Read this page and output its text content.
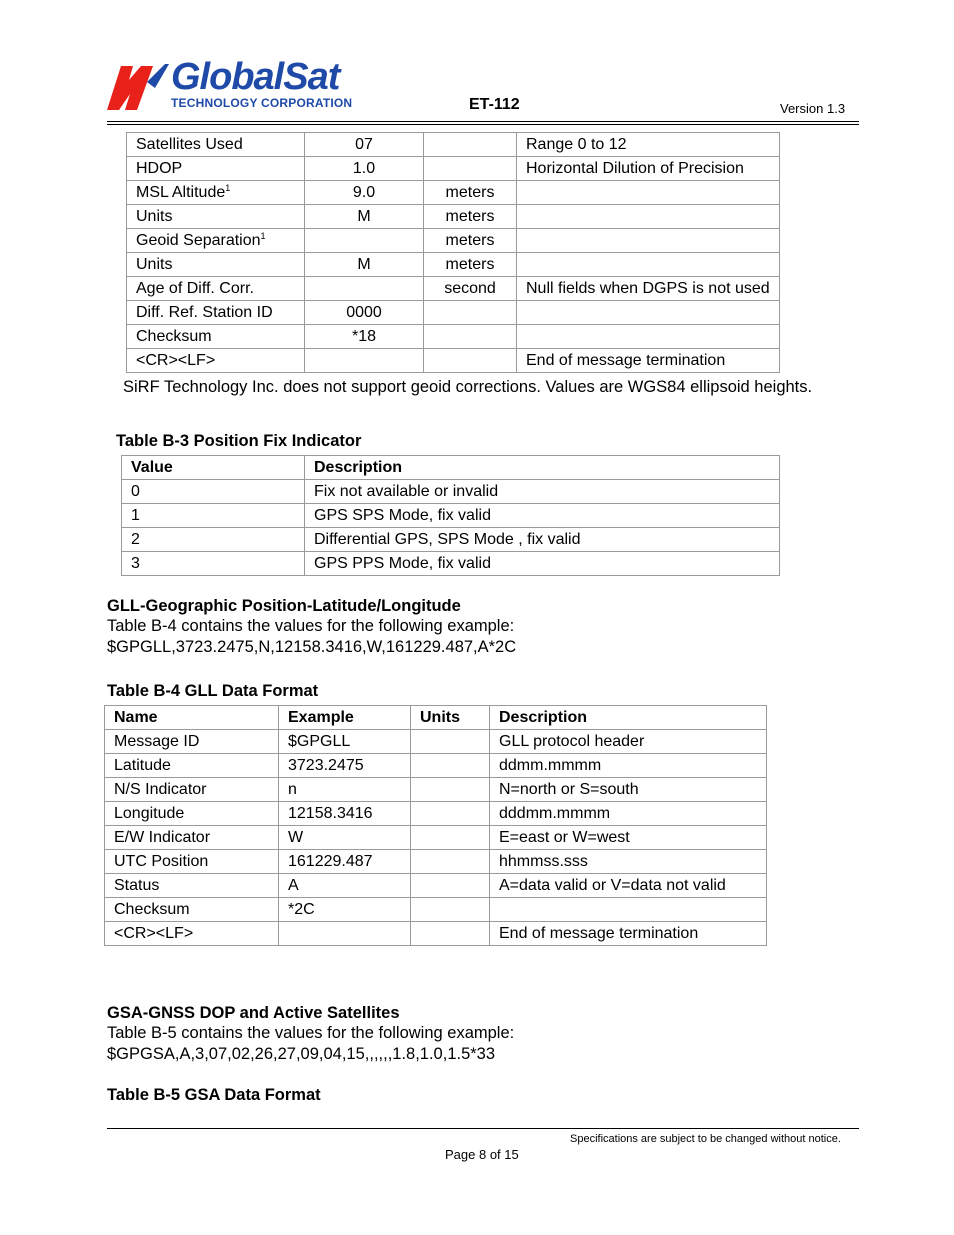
GlobalSat
TECHNOLOGY CORPORATION	ET-112	Version 1.3
Satellites Used	07		Range 0 to 12
HDOP	1.0		Horizontal Dilution of Precision
MSL Altitude$^1$	9.0	meters	
Units	M	meters	
Geoid Separation$^1$		meters	
Units	M	meters	
Age of Diff. Corr.		second	Null fields when DGPS is not used
Diff. Ref. Station ID	0000		
Checksum	*18		
<CR><LF>			End of message termination
SiRF Technology Inc. does not support geoid corrections. Values are WGS84 ellipsoid heights.
Table B-3 Position Fix Indicator
Value	Description
0	Fix not available or invalid
1	GPS SPS Mode, fix valid
2	Differential GPS, SPS Mode , fix valid
3	GPS PPS Mode, fix valid
GLL-Geographic Position-Latitude/Longitude
Table B-4 contains the values for the following example:
$GPGLL,3723.2475,N,12158.3416,W,161229.487,A*2C
Table B-4 GLL Data Format
Name	Example	Units	Description
Message ID	$GPGLL		GLL protocol header
Latitude	3723.2475		ddmm.mmmm
N/S Indicator	n		N=north or S=south
Longitude	12158.3416		dddmm.mmmm
E/W Indicator	W		E=east or W=west
UTC Position	161229.487		hhmmss.sss
Status	A		A=data valid or V=data not valid
Checksum	*2C		
<CR><LF>			End of message termination
GSA-GNSS DOP and Active Satellites
Table B-5 contains the values for the following example:
$GPGSA,A,3,07,02,26,27,09,04,15,,,,,,1.8,1.0,1.5*33
Table B-5 GSA Data Format
Specifications are subject to be changed without notice.
Page 8 of 15
